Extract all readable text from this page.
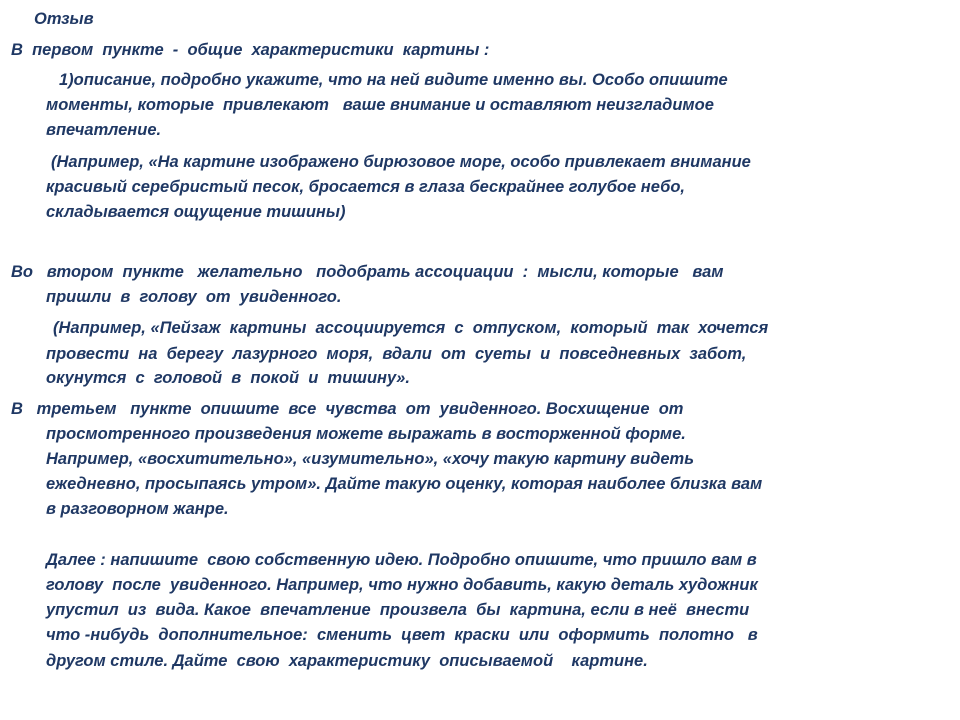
Отзыв
В  первом  пункте  -  общие  характеристики  картины :
1)описание, подробно укажите, что на ней видите именно вы. Особо опишите
моменты, которые  привлекают   ваше внимание и оставляют неизгладимое
впечатление.
(Например, «На картине изображено бирюзовое море, особо привлекает внимание
красивый серебристый песок, бросается в глаза бескрайнее голубое небо,
складывается ощущение тишины)
Во   втором  пункте   желательно   подобрать ассоциации  :  мысли, которые   вам
пришли  в  голову  от  увиденного.
(Например, «Пейзаж  картины  ассоциируется  с  отпуском,  который  так  хочется
провести  на  берегу  лазурного  моря,  вдали  от  суеты  и  повседневных  забот,
окунутся  с  головой  в  покой  и  тишину».
В   третьем   пункте  опишите  все  чувства  от  увиденного. Восхищение  от
просмотренного произведения можете выражать в восторженной форме.
Например, «восхитительно», «изумительно», «хочу такую картину видеть
ежедневно, просыпаясь утром». Дайте такую оценку, которая наиболее близка вам
в разговорном жанре.
Далее : напишите  свою собственную идею. Подробно опишите, что пришло вам в
голову  после  увиденного. Например, что нужно добавить, какую деталь художник
упустил  из  вида. Какое  впечатление  произвела  бы  картина, если в неё  внести
что -нибудь  дополнительное:  сменить  цвет  краски  или  оформить  полотно   в
другом стиле. Дайте  свою  характеристику  описываемой    картине.
